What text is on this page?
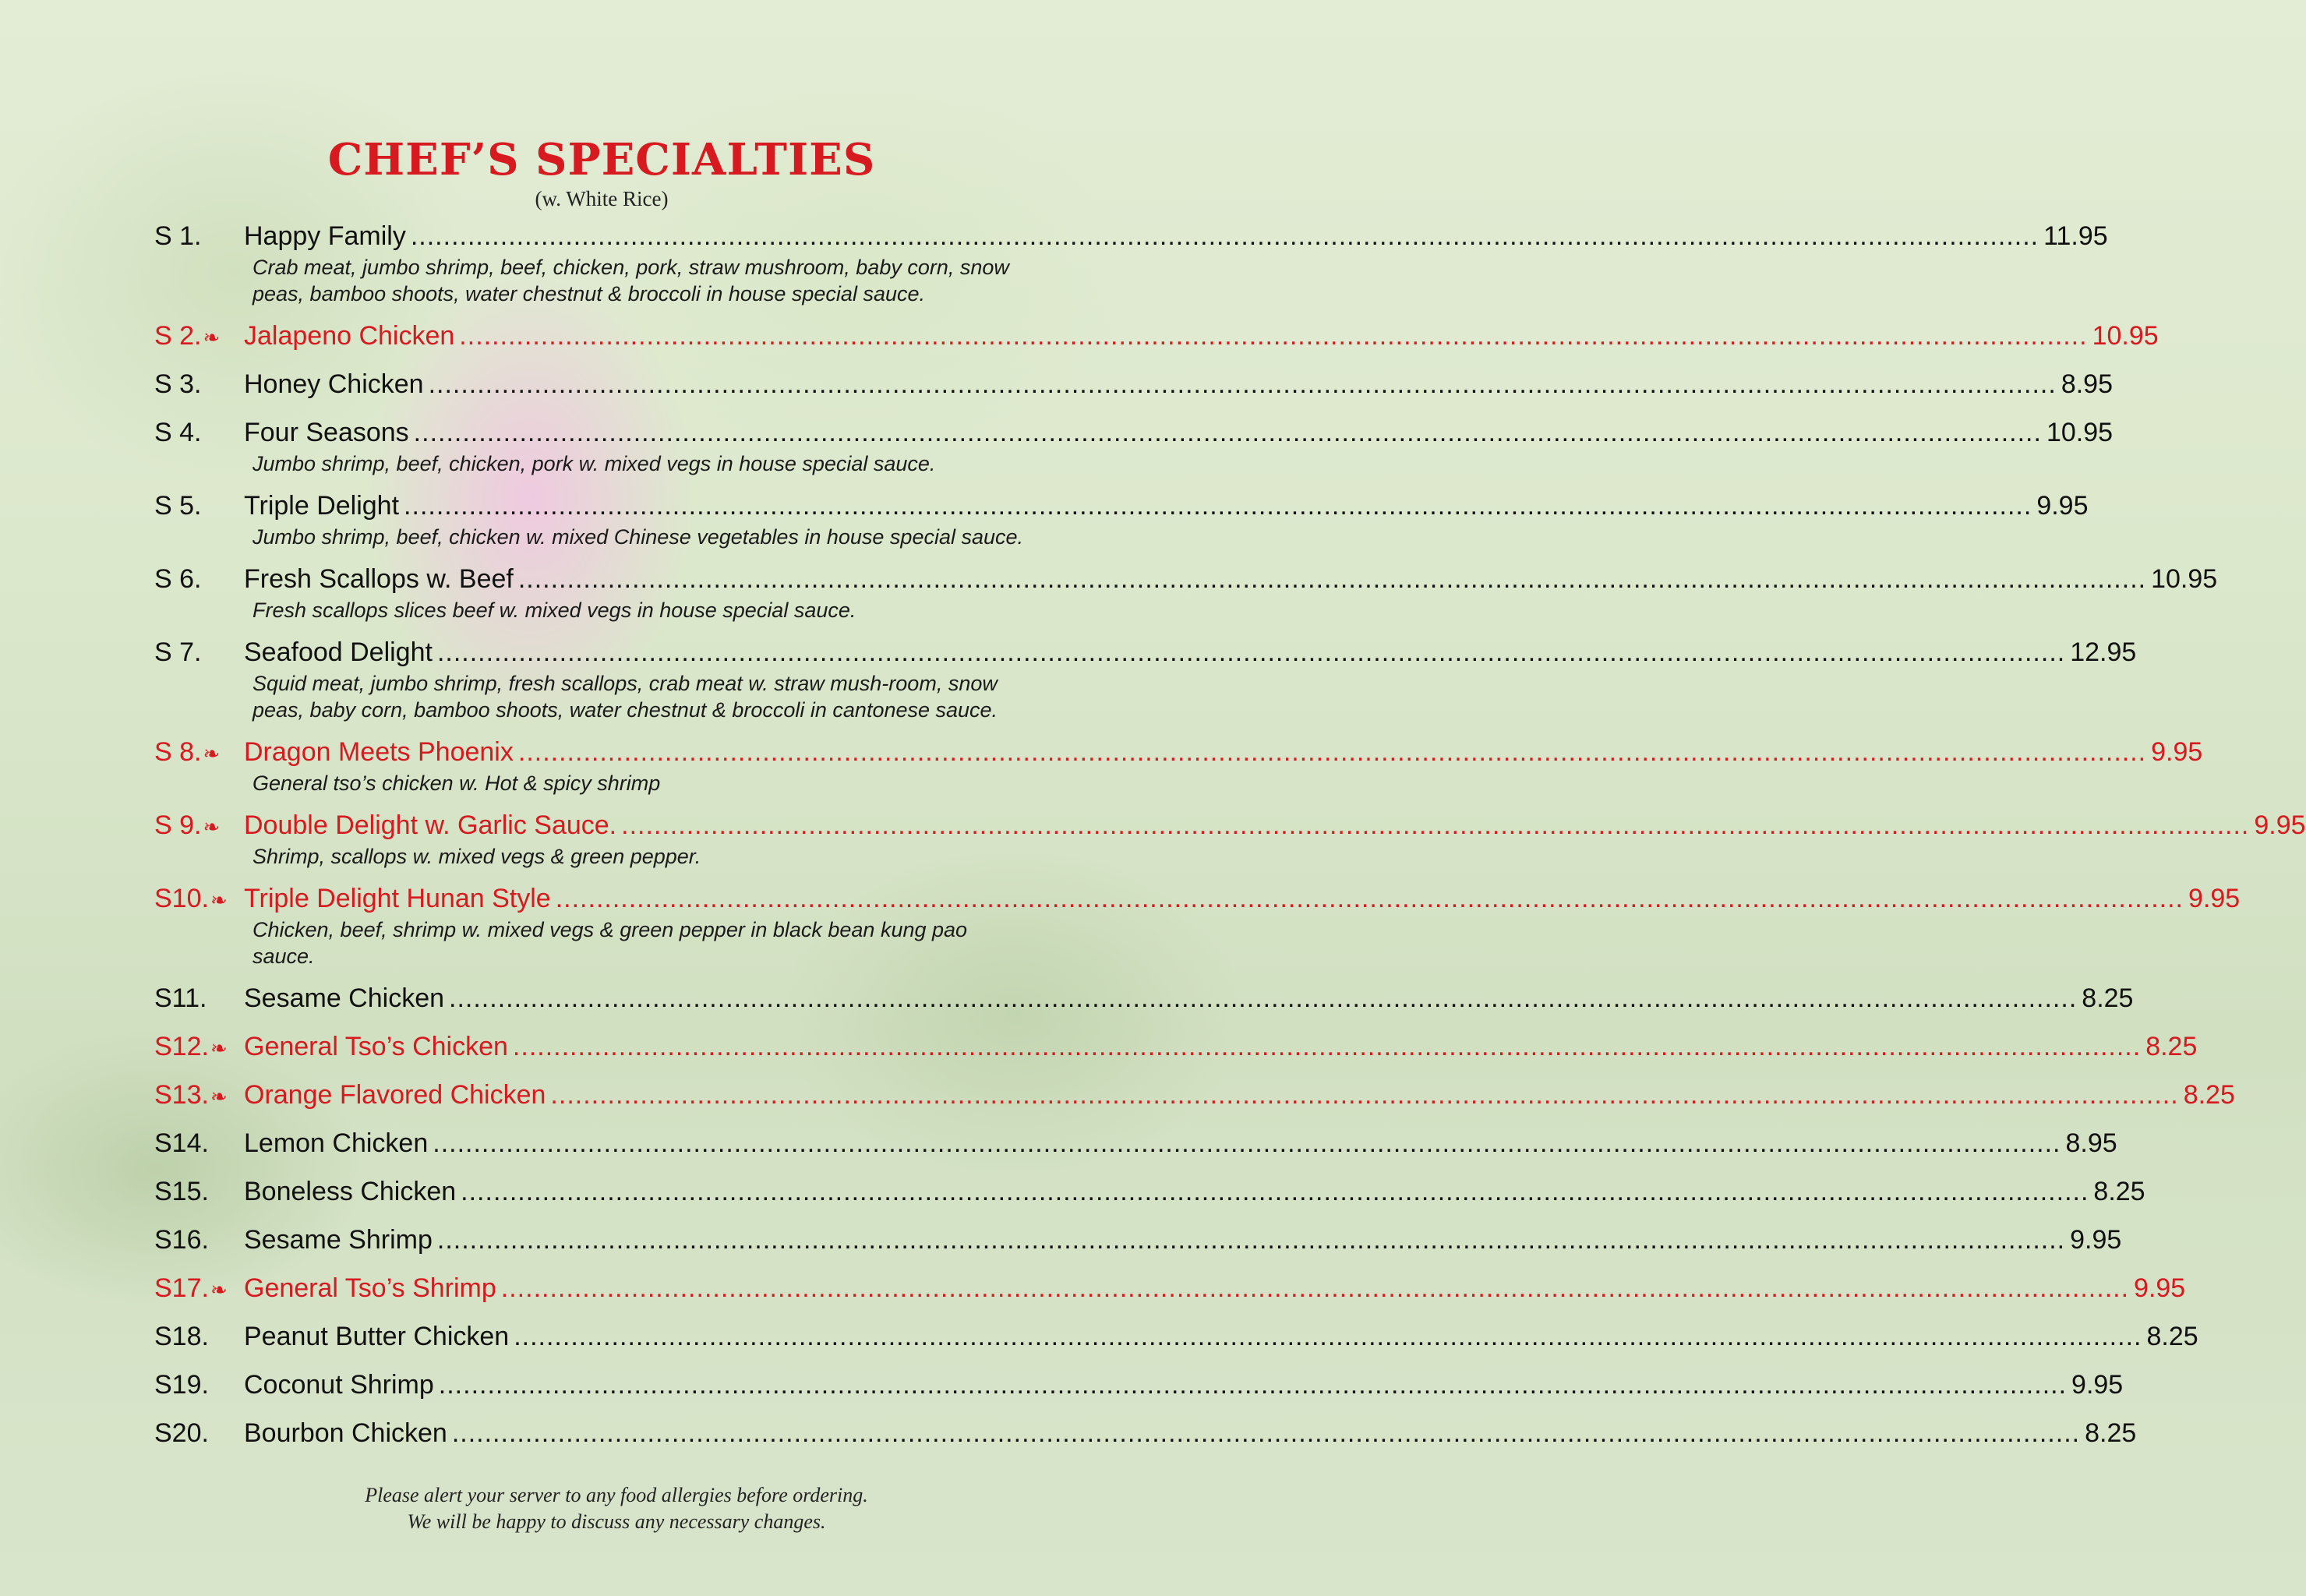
CHEF’S SPECIALTIES
(w. White Rice)
S 1.	Happy Family ........................................................................................................................................................................................................ 11.95
Crab meat, jumbo shrimp, beef, chicken, pork, straw mushroom, baby corn, snow peas, bamboo shoots, water chestnut & broccoli in house special sauce.
S 2.❧ Jalapeno Chicken ........................................................................................................................................................................................................ 10.95
S 3.	Honey Chicken ........................................................................................................................................................................................................ 8.95
S 4.	Four Seasons ........................................................................................................................................................................................................ 10.95
Jumbo shrimp, beef, chicken, pork w. mixed vegs in house special sauce.
S 5.	Triple Delight ........................................................................................................................................................................................................ 9.95
Jumbo shrimp, beef, chicken w. mixed Chinese vegetables in house special sauce.
S 6.	Fresh Scallops w. Beef ........................................................................................................................................................................................................ 10.95
Fresh scallops slices beef w. mixed vegs in house special sauce.
S 7.	Seafood Delight ........................................................................................................................................................................................................ 12.95
Squid meat, jumbo shrimp, fresh scallops, crab meat w. straw mush-room, snow peas, baby corn, bamboo shoots, water chestnut & broccoli in cantonese sauce.
S 8.❧ Dragon Meets Phoenix ........................................................................................................................................................................................................ 9.95
General tso’s chicken w. Hot & spicy shrimp
S 9.❧ Double Delight w. Garlic Sauce. ........................................................................................................................................................................................................ 9.95
Shrimp, scallops w. mixed vegs & green pepper.
S10.❧ Triple Delight Hunan Style ........................................................................................................................................................................................................ 9.95
Chicken, beef, shrimp w. mixed vegs & green pepper in black bean kung pao sauce.
S11.	Sesame Chicken ........................................................................................................................................................................................................ 8.25
S12.❧ General Tso’s Chicken ........................................................................................................................................................................................................ 8.25
S13.❧ Orange Flavored Chicken ........................................................................................................................................................................................................ 8.25
S14.	Lemon Chicken ........................................................................................................................................................................................................ 8.95
S15.	Boneless Chicken ........................................................................................................................................................................................................ 8.25
S16.	Sesame Shrimp ........................................................................................................................................................................................................ 9.95
S17.❧ General Tso’s Shrimp ........................................................................................................................................................................................................ 9.95
S18.	Peanut Butter Chicken ........................................................................................................................................................................................................ 8.25
S19.	Coconut Shrimp ........................................................................................................................................................................................................ 9.95
S20.	Bourbon Chicken ........................................................................................................................................................................................................ 8.25
Please alert your server to any food allergies before ordering.
We will be happy to discuss any necessary changes.
